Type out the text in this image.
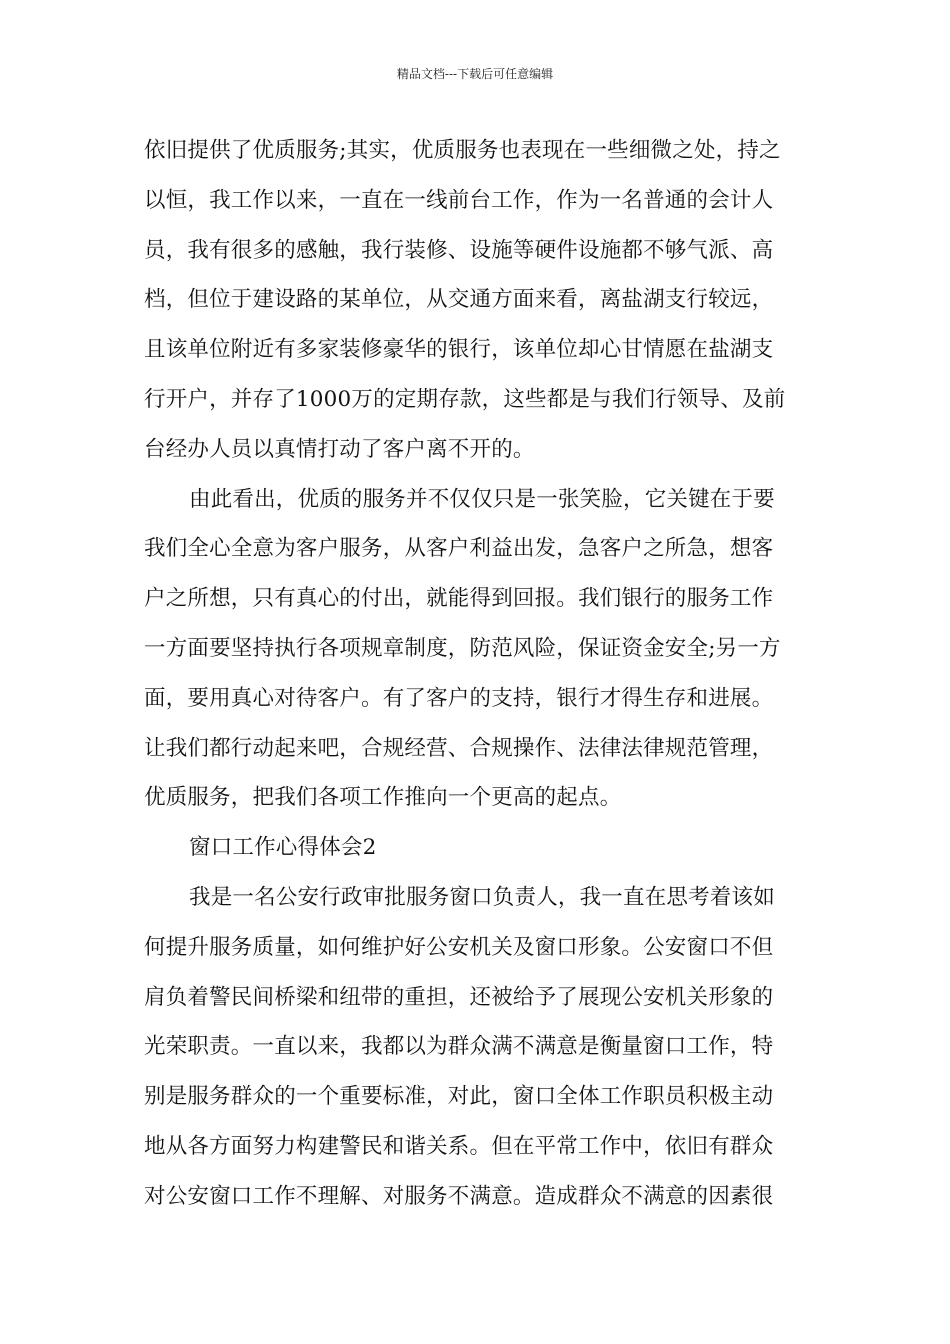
精品文档---下载后可任意编辑
依旧提供了优质服务;其实，优质服务也表现在一些细微之处，持之
以恒，我工作以来，一直在一线前台工作，作为一名普通的会计人
员，我有很多的感触，我行装修、设施等硬件设施都不够气派、高
档，但位于建设路的某单位，从交通方面来看，离盐湖支行较远，
且该单位附近有多家装修豪华的银行，该单位却心甘情愿在盐湖支
行开户，并存了1000万的定期存款，这些都是与我们行领导、及前
台经办人员以真情打动了客户离不开的。
由此看出，优质的服务并不仅仅只是一张笑脸，它关键在于要
我们全心全意为客户服务，从客户利益出发，急客户之所急，想客
户之所想，只有真心的付出，就能得到回报。我们银行的服务工作
一方面要坚持执行各项规章制度，防范风险，保证资金安全;另一方
面，要用真心对待客户。有了客户的支持，银行才得生存和进展。
让我们都行动起来吧，合规经营、合规操作、法律法律规范管理，
优质服务，把我们各项工作推向一个更高的起点。
窗口工作心得体会2
我是一名公安行政审批服务窗口负责人，我一直在思考着该如
何提升服务质量，如何维护好公安机关及窗口形象。公安窗口不但
肩负着警民间桥梁和纽带的重担，还被给予了展现公安机关形象的
光荣职责。一直以来，我都以为群众满不满意是衡量窗口工作，特
别是服务群众的一个重要标准，对此，窗口全体工作职员积极主动
地从各方面努力构建警民和谐关系。但在平常工作中，依旧有群众
对公安窗口工作不理解、对服务不满意。造成群众不满意的因素很
